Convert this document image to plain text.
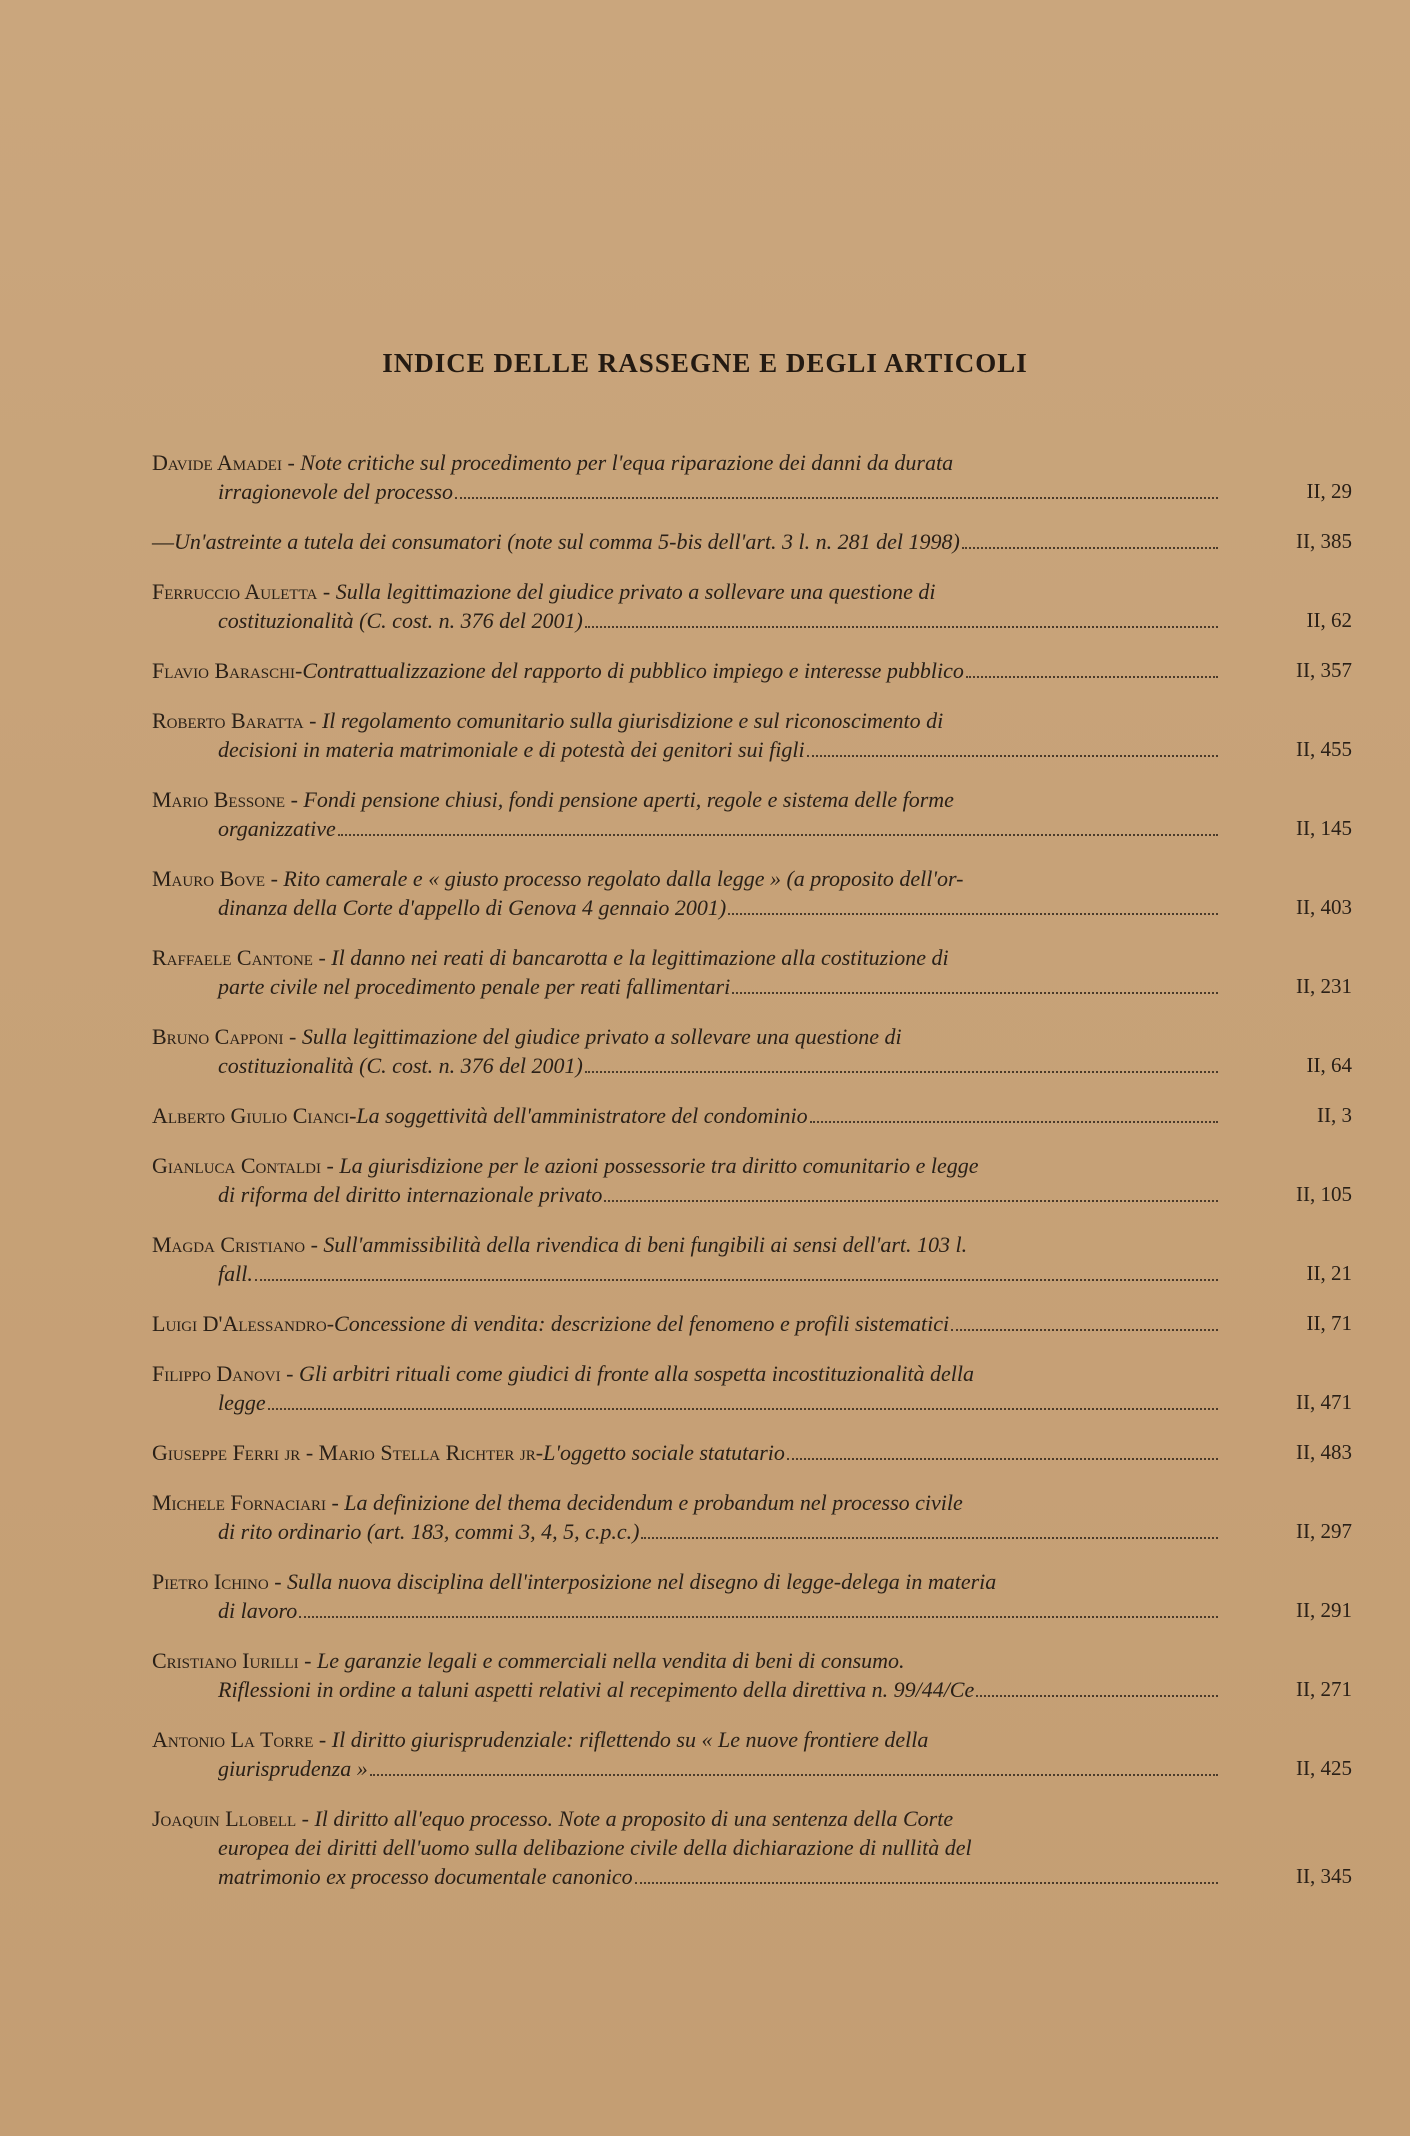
INDICE DELLE RASSEGNE E DEGLI ARTICOLI
Davide Amadei - Note critiche sul procedimento per l'equa riparazione dei danni da durata
irragionevole del processo	II, 29
— Un'astreinte a tutela dei consumatori (note sul comma 5-bis dell'art. 3 l. n. 281 del 1998)	II, 385
Ferruccio Auletta - Sulla legittimazione del giudice privato a sollevare una questione di
costituzionalità (C. cost. n. 376 del 2001)	II, 62
Flavio Baraschi - Contrattualizzazione del rapporto di pubblico impiego e interesse pubblico	II, 357
Roberto Baratta - Il regolamento comunitario sulla giurisdizione e sul riconoscimento di
decisioni in materia matrimoniale e di potestà dei genitori sui figli	II, 455
Mario Bessone - Fondi pensione chiusi, fondi pensione aperti, regole e sistema delle forme
organizzative	II, 145
Mauro Bove - Rito camerale e « giusto processo regolato dalla legge » (a proposito dell'or-
dinanza della Corte d'appello di Genova 4 gennaio 2001)	II, 403
Raffaele Cantone - Il danno nei reati di bancarotta e la legittimazione alla costituzione di
parte civile nel procedimento penale per reati fallimentari	II, 231
Bruno Capponi - Sulla legittimazione del giudice privato a sollevare una questione di
costituzionalità (C. cost. n. 376 del 2001)	II, 64
Alberto Giulio Cianci - La soggettività dell'amministratore del condominio	II, 3
Gianluca Contaldi - La giurisdizione per le azioni possessorie tra diritto comunitario e legge
di riforma del diritto internazionale privato	II, 105
Magda Cristiano - Sull'ammissibilità della rivendica di beni fungibili ai sensi dell'art. 103 l.
fall.	II, 21
Luigi D'Alessandro - Concessione di vendita: descrizione del fenomeno e profili sistematici	II, 71
Filippo Danovi - Gli arbitri rituali come giudici di fronte alla sospetta incostituzionalità della
legge	II, 471
Giuseppe Ferri jr - Mario Stella Richter jr - L'oggetto sociale statutario	II, 483
Michele Fornaciari - La definizione del thema decidendum e probandum nel processo civile
di rito ordinario (art. 183, commi 3, 4, 5, c.p.c.)	II, 297
Pietro Ichino - Sulla nuova disciplina dell'interposizione nel disegno di legge-delega in materia
di lavoro	II, 291
Cristiano Iurilli - Le garanzie legali e commerciali nella vendita di beni di consumo.
Riflessioni in ordine a taluni aspetti relativi al recepimento della direttiva n. 99/44/Ce	II, 271
Antonio La Torre - Il diritto giurisprudenziale: riflettendo su « Le nuove frontiere della
giurisprudenza »	II, 425
Joaquin Llobell - Il diritto all'equo processo. Note a proposito di una sentenza della Corte
europea dei diritti dell'uomo sulla delibazione civile della dichiarazione di nullità del
matrimonio ex processo documentale canonico	II, 345
